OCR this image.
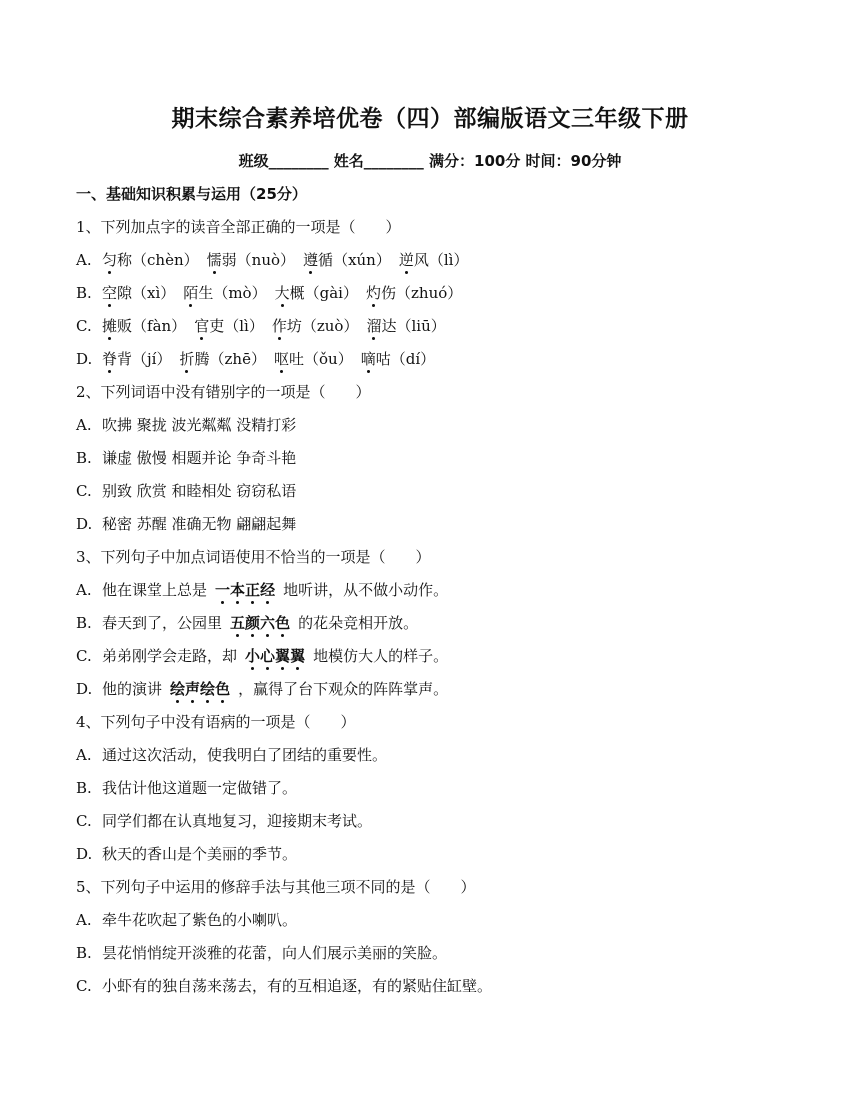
期末综合素养培优卷（四）部编版语文三年级下册
班级________ 姓名________ 满分：100分 时间：90分钟
一、基础知识积累与运用（25分）
1、下列加点字的读音全部正确的一项是（　　）
A. 匀称（chèn） 懦弱（nuò） 遵循（xún） 逆风（lì）
B. 空隙（xì） 陌生（mò） 大概（gài） 灼伤（zhuó）
C. 摊贩（fàn） 官吏（lì） 作坊（zuò） 溜达（liū）
D. 脊背（jí） 折腾（zhē） 呕吐（ǒu） 嘀咕（dí）
2、下列词语中没有错别字的一项是（　　）
A. 吹拂 聚拢 波光粼粼 没精打彩
B. 谦虚 傲慢 相题并论 争奇斗艳
C. 别致 欣赏 和睦相处 窃窃私语
D. 秘密 苏醒 准确无物 翩翩起舞
3、下列句子中加点词语使用不恰当的一项是（　　）
A. 他在课堂上总是 一本正经 地听讲，从不做小动作。
B. 春天到了，公园里 五颜六色 的花朵竞相开放。
C. 弟弟刚学会走路，却 小心翼翼 地模仿大人的样子。
D. 他的演讲 绘声绘色 ，赢得了台下观众的阵阵掌声。
4、下列句子中没有语病的一项是（　　）
A. 通过这次活动，使我明白了团结的重要性。
B. 我估计他这道题一定做错了。
C. 同学们都在认真地复习，迎接期末考试。
D. 秋天的香山是个美丽的季节。
5、下列句子中运用的修辞手法与其他三项不同的是（　　）
A. 牵牛花吹起了紫色的小喇叭。
B. 昙花悄悄绽开淡雅的花蕾，向人们展示美丽的笑脸。
C. 小虾有的独自荡来荡去，有的互相追逐，有的紧贴住缸壁。
